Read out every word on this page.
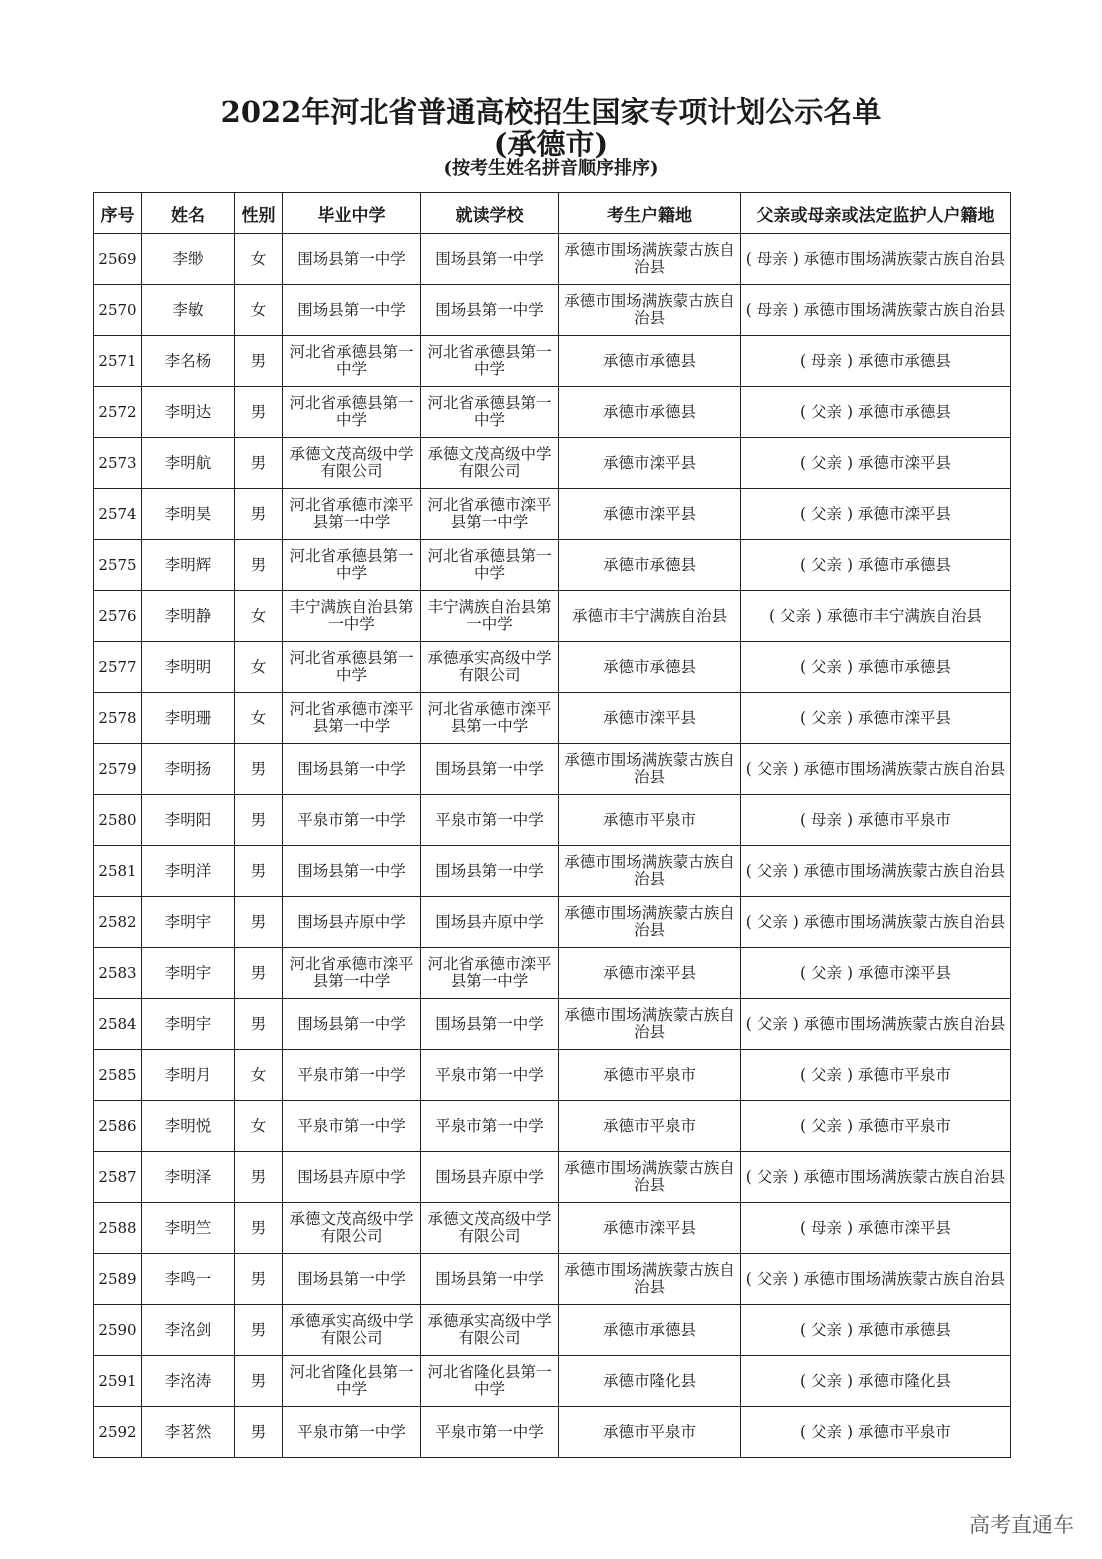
2022年河北省普通高校招生国家专项计划公示名单
(承德市)
(按考生姓名拼音顺序排序)
序号	姓名	性别	毕业中学	就读学校	考生户籍地	父亲或母亲或法定监护人户籍地
2569	李缈	女	围场县第一中学	围场县第一中学	承德市围场满族蒙古族自治县	( 母亲 ) 承德市围场满族蒙古族自治县
2570	李敏	女	围场县第一中学	围场县第一中学	承德市围场满族蒙古族自治县	( 母亲 ) 承德市围场满族蒙古族自治县
2571	李名杨	男	河北省承德县第一中学	河北省承德县第一中学	承德市承德县	( 母亲 ) 承德市承德县
2572	李明达	男	河北省承德县第一中学	河北省承德县第一中学	承德市承德县	( 父亲 ) 承德市承德县
2573	李明航	男	承德文茂高级中学有限公司	承德文茂高级中学有限公司	承德市滦平县	( 父亲 ) 承德市滦平县
2574	李明昊	男	河北省承德市滦平县第一中学	河北省承德市滦平县第一中学	承德市滦平县	( 父亲 ) 承德市滦平县
2575	李明辉	男	河北省承德县第一中学	河北省承德县第一中学	承德市承德县	( 父亲 ) 承德市承德县
2576	李明静	女	丰宁满族自治县第一中学	丰宁满族自治县第一中学	承德市丰宁满族自治县	( 父亲 ) 承德市丰宁满族自治县
2577	李明明	女	河北省承德县第一中学	承德承实高级中学有限公司	承德市承德县	( 父亲 ) 承德市承德县
2578	李明珊	女	河北省承德市滦平县第一中学	河北省承德市滦平县第一中学	承德市滦平县	( 父亲 ) 承德市滦平县
2579	李明扬	男	围场县第一中学	围场县第一中学	承德市围场满族蒙古族自治县	( 父亲 ) 承德市围场满族蒙古族自治县
2580	李明阳	男	平泉市第一中学	平泉市第一中学	承德市平泉市	( 母亲 ) 承德市平泉市
2581	李明洋	男	围场县第一中学	围场县第一中学	承德市围场满族蒙古族自治县	( 父亲 ) 承德市围场满族蒙古族自治县
2582	李明宇	男	围场县卉原中学	围场县卉原中学	承德市围场满族蒙古族自治县	( 父亲 ) 承德市围场满族蒙古族自治县
2583	李明宇	男	河北省承德市滦平县第一中学	河北省承德市滦平县第一中学	承德市滦平县	( 父亲 ) 承德市滦平县
2584	李明宇	男	围场县第一中学	围场县第一中学	承德市围场满族蒙古族自治县	( 父亲 ) 承德市围场满族蒙古族自治县
2585	李明月	女	平泉市第一中学	平泉市第一中学	承德市平泉市	( 父亲 ) 承德市平泉市
2586	李明悦	女	平泉市第一中学	平泉市第一中学	承德市平泉市	( 父亲 ) 承德市平泉市
2587	李明泽	男	围场县卉原中学	围场县卉原中学	承德市围场满族蒙古族自治县	( 父亲 ) 承德市围场满族蒙古族自治县
2588	李明竺	男	承德文茂高级中学有限公司	承德文茂高级中学有限公司	承德市滦平县	( 母亲 ) 承德市滦平县
2589	李鸣一	男	围场县第一中学	围场县第一中学	承德市围场满族蒙古族自治县	( 父亲 ) 承德市围场满族蒙古族自治县
2590	李洺剑	男	承德承实高级中学有限公司	承德承实高级中学有限公司	承德市承德县	( 父亲 ) 承德市承德县
2591	李洺涛	男	河北省隆化县第一中学	河北省隆化县第一中学	承德市隆化县	( 父亲 ) 承德市隆化县
2592	李茗然	男	平泉市第一中学	平泉市第一中学	承德市平泉市	( 父亲 ) 承德市平泉市
高考直通车
